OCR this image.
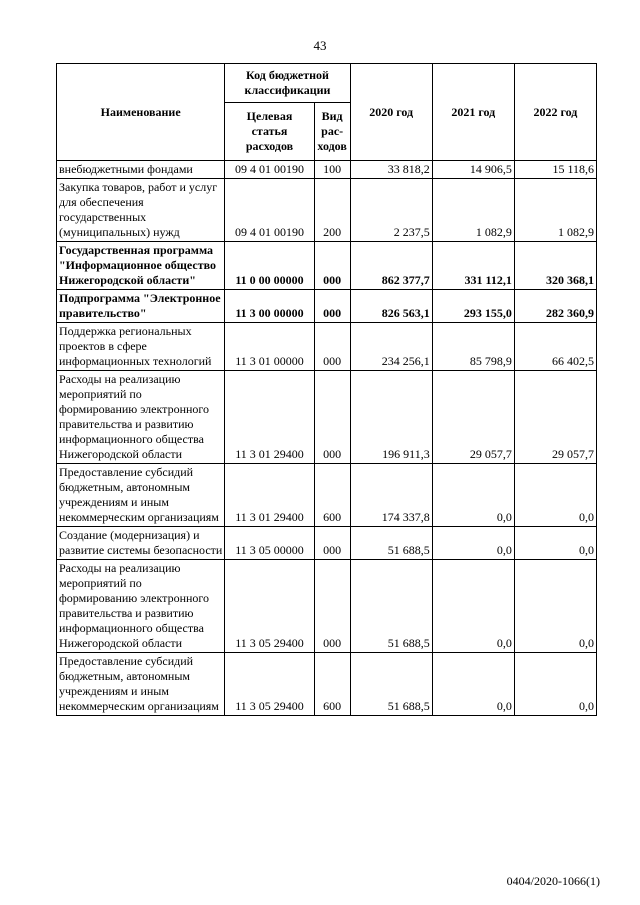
43
Наименование	Код бюджетной классификации		2020 год	2021 год	2022 год
	Целевая статья расходов	Вид рас-ходов			
внебюджетными фондами	09 4 01 00190	100	33 818,2	14 906,5	15 118,6
Закупка товаров, работ и услуг для обеспечения государственных (муниципальных) нужд	09 4 01 00190	200	2 237,5	1 082,9	1 082,9
Государственная программа "Информационное общество Нижегородской области"	11 0 00 00000	000	862 377,7	331 112,1	320 368,1
Подпрограмма "Электронное правительство"	11 3 00 00000	000	826 563,1	293 155,0	282 360,9
Поддержка региональных проектов в сфере информационных технологий	11 3 01 00000	000	234 256,1	85 798,9	66 402,5
Расходы на реализацию мероприятий по формированию электронного правительства и развитию информационного общества Нижегородской области	11 3 01 29400	000	196 911,3	29 057,7	29 057,7
Предоставление субсидий бюджетным, автономным учреждениям и иным некоммерческим организациям	11 3 01 29400	600	174 337,8	0,0	0,0
Создание (модернизация) и развитие системы безопасности	11 3 05 00000	000	51 688,5	0,0	0,0
Расходы на реализацию мероприятий по формированию электронного правительства и развитию информационного общества Нижегородской области	11 3 05 29400	000	51 688,5	0,0	0,0
Предоставление субсидий бюджетным, автономным учреждениям и иным некоммерческим организациям	11 3 05 29400	600	51 688,5	0,0	0,0
0404/2020-1066(1)
